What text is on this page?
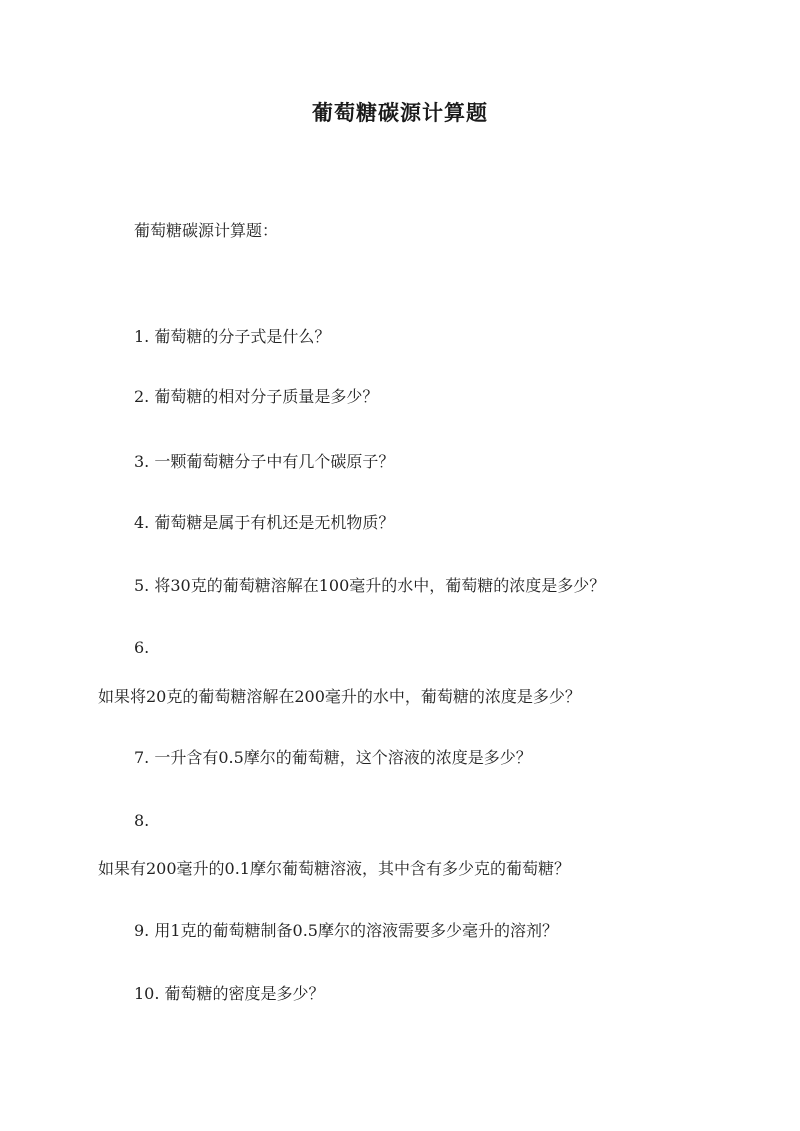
葡萄糖碳源计算题
葡萄糖碳源计算题：
1. 葡萄糖的分子式是什么？
2. 葡萄糖的相对分子质量是多少？
3. 一颗葡萄糖分子中有几个碳原子？
4. 葡萄糖是属于有机还是无机物质？
5. 将30克的葡萄糖溶解在100毫升的水中，葡萄糖的浓度是多少？
6.
如果将20克的葡萄糖溶解在200毫升的水中，葡萄糖的浓度是多少？
7. 一升含有0.5摩尔的葡萄糖，这个溶液的浓度是多少？
8.
如果有200毫升的0.1摩尔葡萄糖溶液，其中含有多少克的葡萄糖？
9. 用1克的葡萄糖制备0.5摩尔的溶液需要多少毫升的溶剂？
10. 葡萄糖的密度是多少？
